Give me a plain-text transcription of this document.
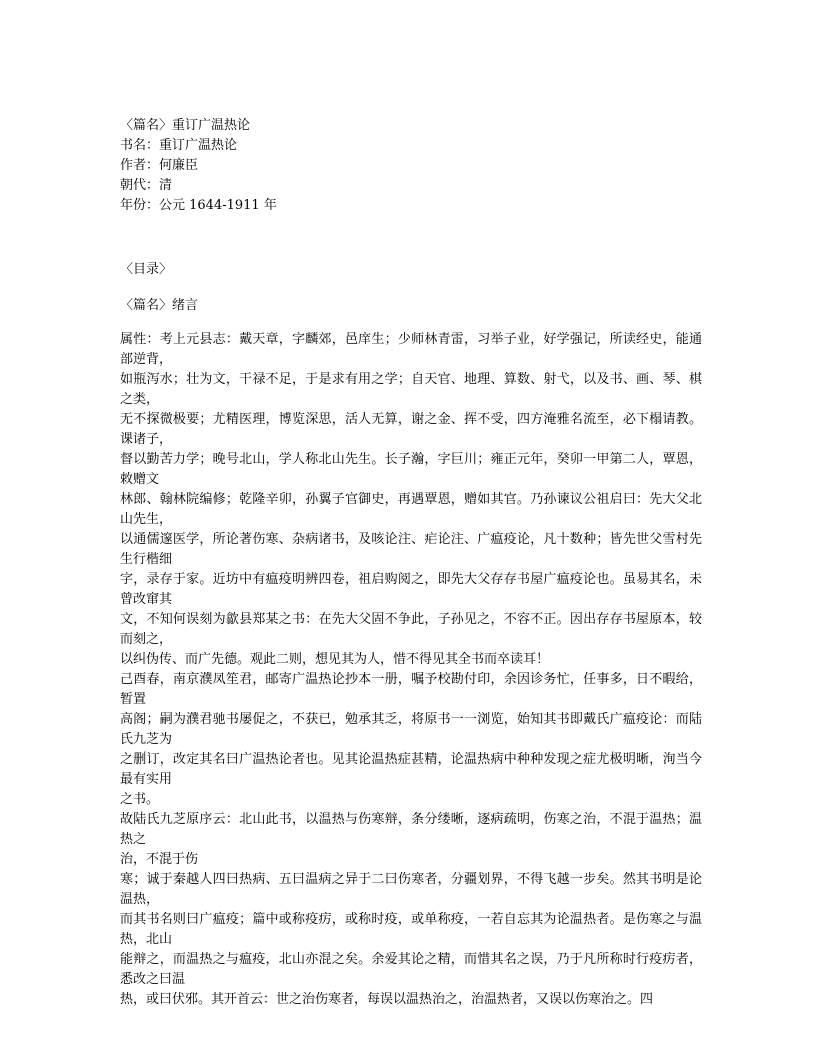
〈篇名〉重订广温热论

书名：重订广温热论

作者：何廉臣

朝代：清

年份：公元 1644-1911 年

〈目录〉

〈篇名〉绪言

属性：考上元县志：戴天章，字麟郊，邑庠生；少师林青雷，习举子业，好学强记，所读经史，能通部逆背，

如瓶泻水；壮为文，干禄不足，于是求有用之学；自天官、地理、算数、射弋，以及书、画、琴、棋之类，

无不探微极要；尤精医理，博览深思，活人无算，谢之金、挥不受，四方淹雅名流至，必下榻请教。课诸子，

督以勤苦力学；晚号北山，学人称北山先生。长子瀚，字巨川；雍正元年，癸卯一甲第二人，覃恩，敕赠文

林郎、翰林院编修；乾隆辛卯，孙翼子官御史，再遇覃恩，赠如其官。乃孙谏议公祖启曰：先大父北山先生，

以通儒邃医学，所论著伤寒、杂病诸书，及咳论注、疟论注、广瘟疫论，凡十数种；皆先世父雪村先生行楷细

字，录存于家。近坊中有瘟疫明辨四卷，祖启购阅之，即先大父存存书屋广瘟疫论也。虽易其名，未曾改窜其

文，不知何误刻为歙县郑某之书：在先大父固不争此，子孙见之，不容不正。因出存存书屋原本，较而刻之，

以纠伪传、而广先德。观此二则，想见其为人，惜不得见其全书而卒读耳！

己酉春，南京濮凤笙君，邮寄广温热论抄本一册，嘱予校勘付印，余因诊务忙，任事多，日不暇给，暂置

高阁；嗣为濮君驰书屡促之，不获已，勉承其乏，将原书一一浏览，始知其书即戴氏广瘟疫论：而陆氏九芝为

之删订，改定其名曰广温热论者也。见其论温热症甚精，论温热病中种种发现之症尤极明晰，洵当今最有实用

之书。

故陆氏九芝原序云：北山此书，以温热与伤寒辩，条分缕晰，逐病疏明，伤寒之治，不混于温热；温热之

治，不混于伤

寒；诚于秦越人四曰热病、五曰温病之异于二曰伤寒者，分疆划界，不得飞越一步矣。然其书明是论温热，

而其书名则曰广瘟疫；篇中或称疫疠，或称时疫，或单称疫，一若自忘其为论温热者。是伤寒之与温热，北山

能辩之，而温热之与瘟疫，北山亦混之矣。余爱其论之精，而惜其名之误，乃于凡所称时行疫疠者，悉改之曰温

热，或曰伏邪。其开首云：世之治伤寒者，每误以温热治之，治温热者，又误以伤寒治之。四
